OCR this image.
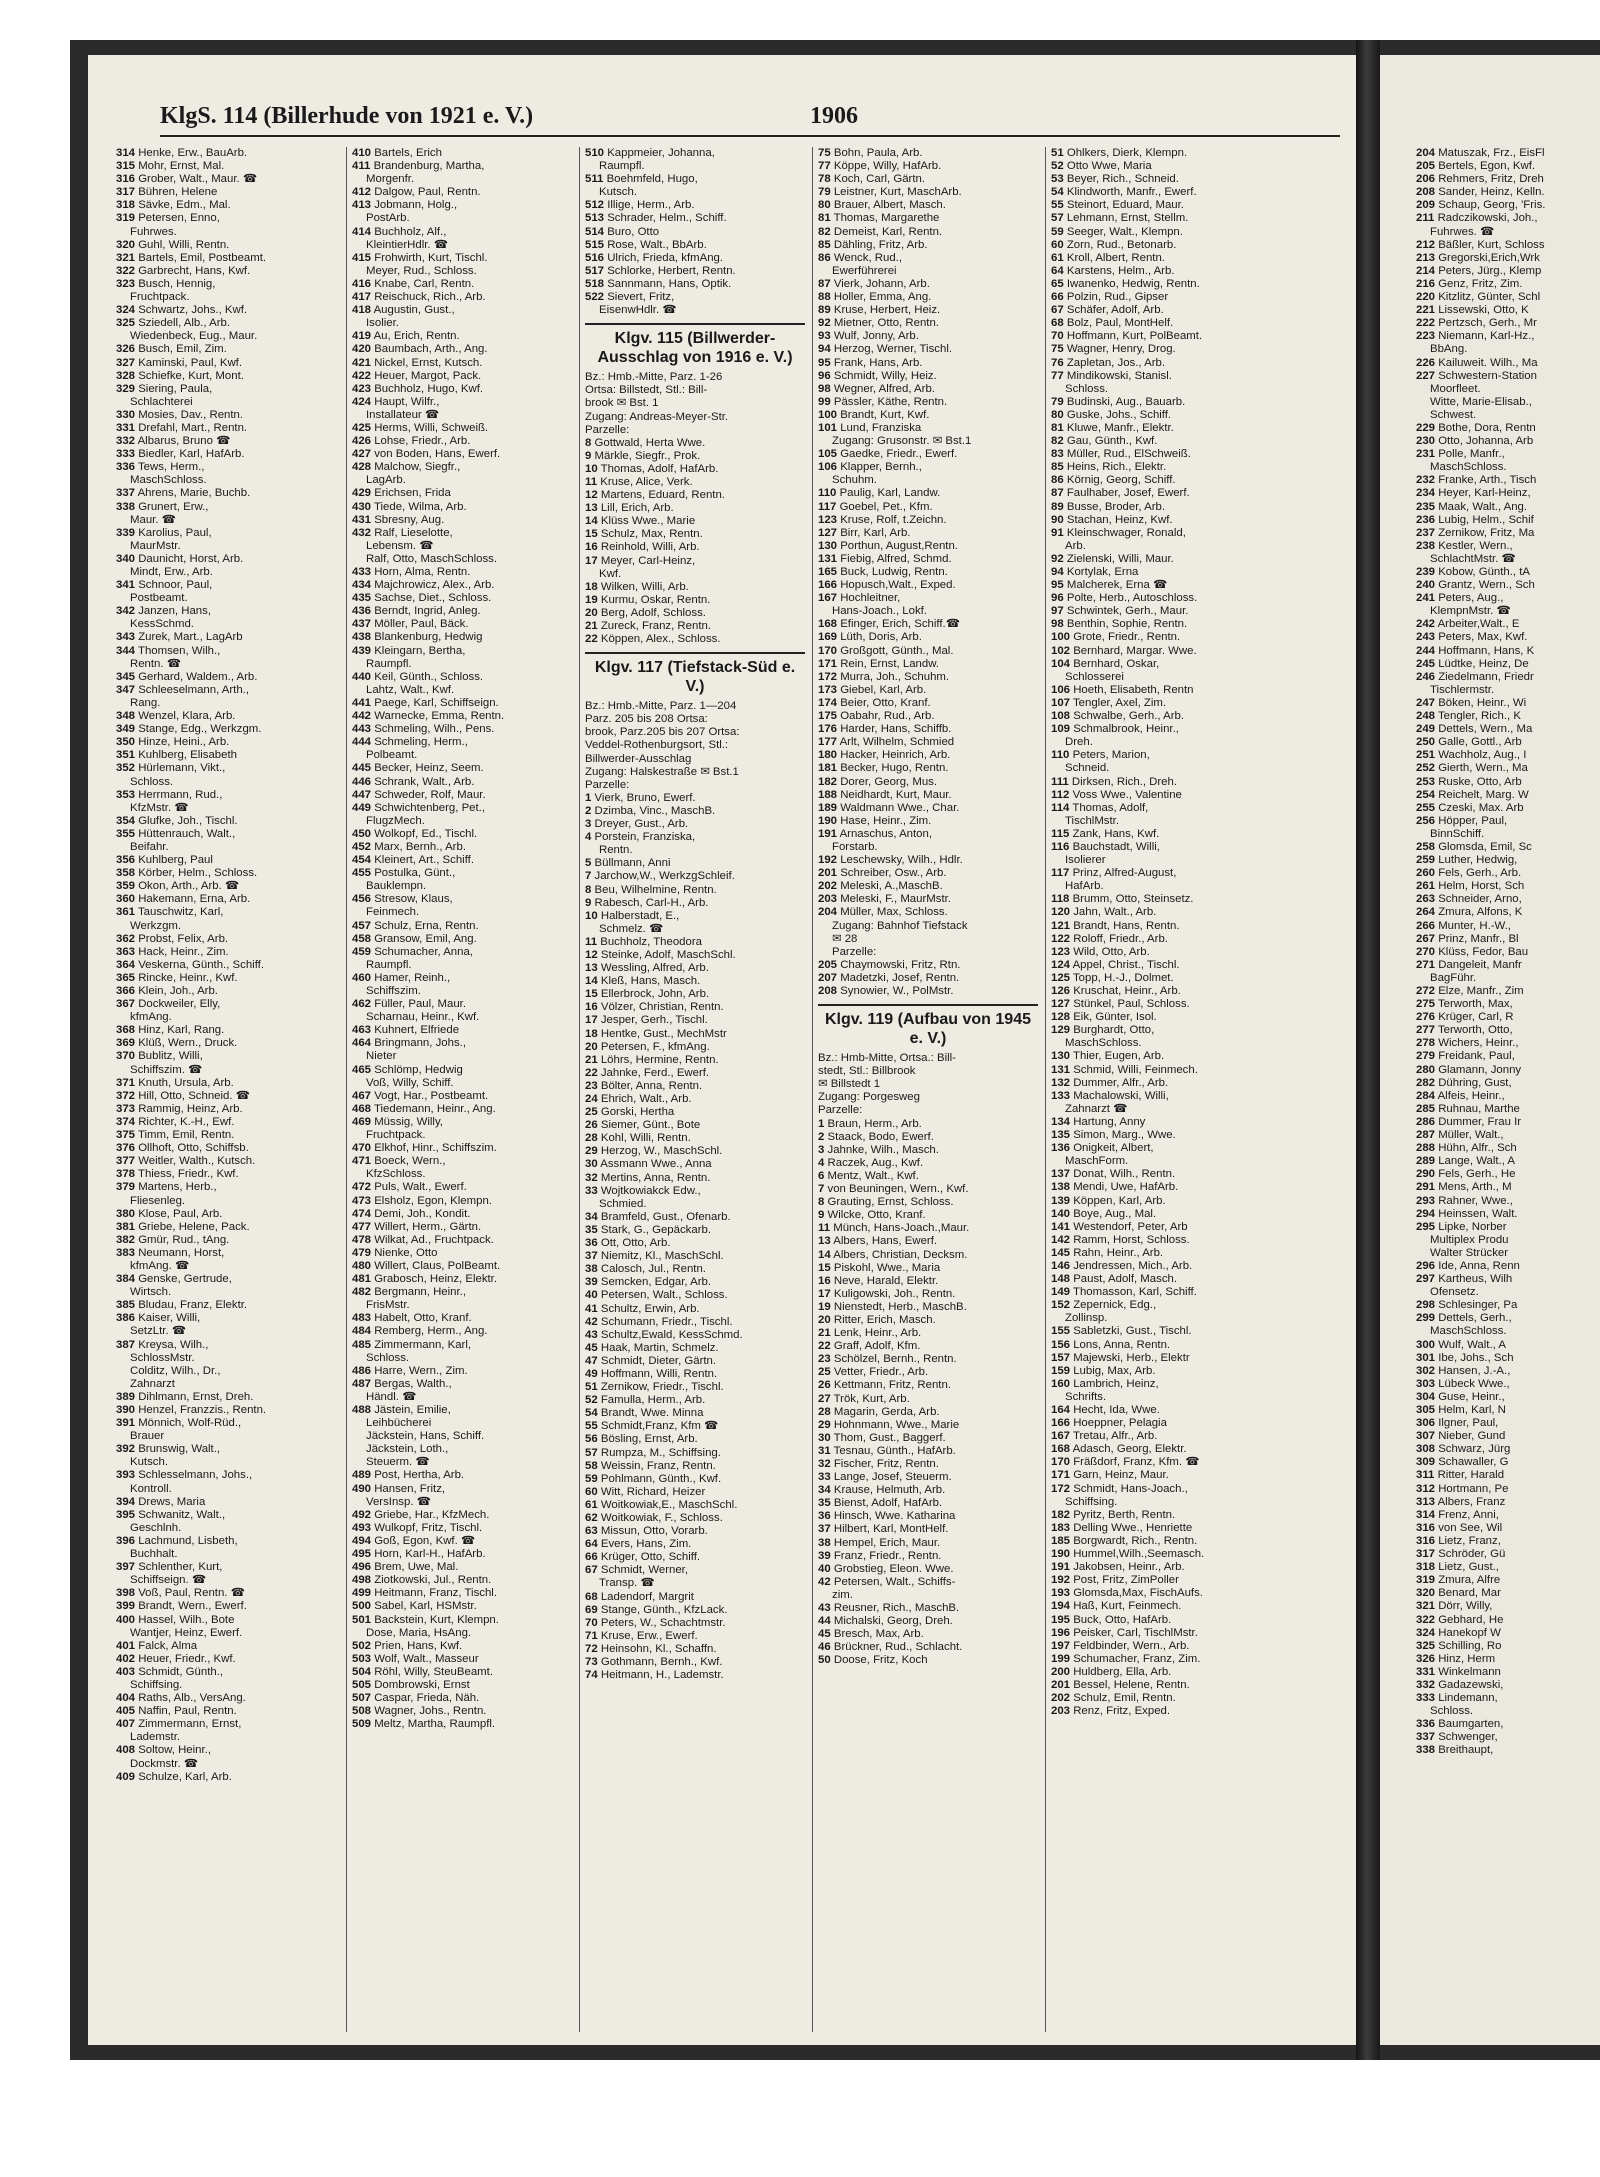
KlgS. 114 (Billerhude von 1921 e. V.)	1906
314 Henke, Erw., BauArb.
315 Mohr, Ernst, Mal.
316 Grober, Walt., Maur. ☎
317 Bühren, Helene
318 Sävke, Edm., Mal.
319 Petersen, Enno,
Fuhrwes.
320 Guhl, Willi, Rentn.
321 Bartels, Emil, Postbeamt.
322 Garbrecht, Hans, Kwf.
323 Busch, Hennig,
Fruchtpack.
324 Schwartz, Johs., Kwf.
325 Sziedell, Alb., Arb.
Wiedenbeck, Eug., Maur.
326 Busch, Emil, Zim.
327 Kaminski, Paul, Kwf.
328 Schiefke, Kurt, Mont.
329 Siering, Paula,
Schlachterei
330 Mosies, Dav., Rentn.
331 Drefahl, Mart., Rentn.
332 Albarus, Bruno ☎
333 Biedler, Karl, HafArb.
336 Tews, Herm.,
MaschSchloss.
337 Ahrens, Marie, Buchb.
338 Grunert, Erw.,
Maur. ☎
339 Karolius, Paul,
MaurMstr.
340 Daunicht, Horst, Arb.
Mindt, Erw., Arb.
341 Schnoor, Paul,
Postbeamt.
342 Janzen, Hans,
KessSchmd.
343 Zurek, Mart., LagArb
344 Thomsen, Wilh.,
Rentn. ☎
345 Gerhard, Waldem., Arb.
347 Schleeselmann, Arth.,
Rang.
348 Wenzel, Klara, Arb.
349 Stange, Edg., Werkzgm.
350 Hinze, Heini., Arb.
351 Kuhlberg, Elisabeth
352 Hürlemann, Vikt.,
Schloss.
353 Herrmann, Rud.,
KfzMstr. ☎
354 Glufke, Joh., Tischl.
355 Hüttenrauch, Walt.,
Beifahr.
356 Kuhlberg, Paul
358 Körber, Helm., Schloss.
359 Okon, Arth., Arb. ☎
360 Hakemann, Erna, Arb.
361 Tauschwitz, Karl,
Werkzgm.
362 Probst, Felix, Arb.
363 Hack, Heinr., Zim.
364 Veskerna, Günth., Schiff.
365 Rincke, Heinr., Kwf.
366 Klein, Joh., Arb.
367 Dockweiler, Elly,
kfmAng.
368 Hinz, Karl, Rang.
369 Klüß, Wern., Druck.
370 Bublitz, Willi,
Schiffszim. ☎
371 Knuth, Ursula, Arb.
372 Hill, Otto, Schneid. ☎
373 Rammig, Heinz, Arb.
374 Richter, K.-H., Ewf.
375 Timm, Emil, Rentn.
376 Ollhoft, Otto, Schiffsb.
377 Weitler, Walth., Kutsch.
378 Thiess, Friedr., Kwf.
379 Martens, Herb.,
Fliesenleg.
380 Klose, Paul, Arb.
381 Griebe, Helene, Pack.
382 Gmür, Rud., tAng.
383 Neumann, Horst,
kfmAng. ☎
384 Genske, Gertrude,
Wirtsch.
385 Bludau, Franz, Elektr.
386 Kaiser, Willi,
SetzLtr. ☎
387 Kreysa, Wilh.,
SchlossMstr.
Colditz, Wilh., Dr.,
Zahnarzt
389 Dihlmann, Ernst, Dreh.
390 Henzel, Franzzis., Rentn.
391 Mönnich, Wolf-Rüd.,
Brauer
392 Brunswig, Walt.,
Kutsch.
393 Schlesselmann, Johs.,
Kontroll.
394 Drews, Maria
395 Schwanitz, Walt.,
Geschlnh.
396 Lachmund, Lisbeth,
Buchhalt.
397 Schlenther, Kurt,
Schiffseign. ☎
398 Voß, Paul, Rentn. ☎
399 Brandt, Wern., Ewerf.
400 Hassel, Wilh., Bote
Wantjer, Heinz, Ewerf.
401 Falck, Alma
402 Heuer, Friedr., Kwf.
403 Schmidt, Günth.,
Schiffsing.
404 Raths, Alb., VersAng.
405 Naffin, Paul, Rentn.
407 Zimmermann, Ernst,
Lademstr.
408 Soltow, Heinr.,
Dockmstr. ☎
409 Schulze, Karl, Arb.
410 Bartels, Erich
411 Brandenburg, Martha,
Morgenfr.
412 Dalgow, Paul, Rentn.
413 Jobmann, Holg.,
PostArb.
414 Buchholz, Alf.,
KleintierHdlr. ☎
415 Frohwirth, Kurt, Tischl.
Meyer, Rud., Schloss.
416 Knabe, Carl, Rentn.
417 Reischuck, Rich., Arb.
418 Augustin, Gust.,
Isolier.
419 Au, Erich, Rentn.
420 Baumbach, Arth., Ang.
421 Nickel, Ernst, Kutsch.
422 Heuer, Margot, Pack.
423 Buchholz, Hugo, Kwf.
424 Haupt, Wilfr.,
Installateur ☎
425 Herms, Willi, Schweiß.
426 Lohse, Friedr., Arb.
427 von Boden, Hans, Ewerf.
428 Malchow, Siegfr.,
LagArb.
429 Erichsen, Frida
430 Tiede, Wilma, Arb.
431 Sbresny, Aug.
432 Ralf, Lieselotte,
Lebensm. ☎
Ralf, Otto, MaschSchloss.
433 Horn, Alma, Rentn.
434 Majchrowicz, Alex., Arb.
435 Sachse, Diet., Schloss.
436 Berndt, Ingrid, Anleg.
437 Möller, Paul, Bäck.
438 Blankenburg, Hedwig
439 Kleingarn, Bertha,
Raumpfl.
440 Keil, Günth., Schloss.
Lahtz, Walt., Kwf.
441 Paege, Karl, Schiffseign.
442 Warnecke, Emma, Rentn.
443 Schmeling, Wilh., Pens.
444 Schmeling, Herm.,
Polbeamt.
445 Becker, Heinz, Seem.
446 Schrank, Walt., Arb.
447 Schweder, Rolf, Maur.
449 Schwichtenberg, Pet.,
FlugzMech.
450 Wolkopf, Ed., Tischl.
452 Marx, Bernh., Arb.
454 Kleinert, Art., Schiff.
455 Postulka, Günt.,
Bauklempn.
456 Stresow, Klaus,
Feinmech.
457 Schulz, Erna, Rentn.
458 Gransow, Emil, Ang.
459 Schumacher, Anna,
Raumpfl.
460 Hamer, Reinh.,
Schiffszim.
462 Füller, Paul, Maur.
Scharnau, Heinr., Kwf.
463 Kuhnert, Elfriede
464 Bringmann, Johs.,
Nieter
465 Schlömp, Hedwig
Voß, Willy, Schiff.
467 Vogt, Har., Postbeamt.
468 Tiedemann, Heinr., Ang.
469 Müssig, Willy,
Fruchtpack.
470 Elkhof, Hinr., Schiffszim.
471 Boeck, Wern.,
KfzSchloss.
472 Puls, Walt., Ewerf.
473 Elsholz, Egon, Klempn.
474 Demi, Joh., Kondit.
477 Willert, Herm., Gärtn.
478 Wilkat, Ad., Fruchtpack.
479 Nienke, Otto
480 Willert, Claus, PolBeamt.
481 Grabosch, Heinz, Elektr.
482 Bergmann, Heinr.,
FrisMstr.
483 Habelt, Otto, Kranf.
484 Remberg, Herm., Ang.
485 Zimmermann, Karl,
Schloss.
486 Harre, Wern., Zim.
487 Bergas, Walth.,
Händl. ☎
488 Jästein, Emilie,
Leihbücherei
Jäckstein, Hans, Schiff.
Jäckstein, Loth.,
Steuerm. ☎
489 Post, Hertha, Arb.
490 Hansen, Fritz,
VersInsp. ☎
492 Griebe, Har., KfzMech.
493 Wulkopf, Fritz, Tischl.
494 Goß, Egon, Kwf. ☎
495 Horn, Karl-H., HafArb.
496 Brem, Uwe, Mal.
498 Ziotkowski, Jul., Rentn.
499 Heitmann, Franz, Tischl.
500 Sabel, Karl, HSMstr.
501 Backstein, Kurt, Klempn.
Dose, Maria, HsAng.
502 Prien, Hans, Kwf.
503 Wolf, Walt., Masseur
504 Röhl, Willy, SteuBeamt.
505 Dombrowski, Ernst
507 Caspar, Frieda, Näh.
508 Wagner, Johs., Rentn.
509 Meltz, Martha, Raumpfl.
510 Kappmeier, Johanna,
Raumpfl.
511 Boehmfeld, Hugo,
Kutsch.
512 Illige, Herm., Arb.
513 Schrader, Helm., Schiff.
514 Buro, Otto
515 Rose, Walt., BbArb.
516 Ulrich, Frieda, kfmAng.
517 Schlorke, Herbert, Rentn.
518 Sannmann, Hans, Optik.
522 Sievert, Fritz,
EisenwHdlr. ☎
Klgv. 115 (Billwerder-Ausschlag von 1916 e. V.)
Bz.: Hmb.-Mitte, Parz. 1-26
Ortsa: Billstedt, Stl.: Bill-
brook ✉ Bst. 1
Zugang: Andreas-Meyer-Str.
Parzelle:
8 Gottwald, Herta Wwe.
9 Märkle, Siegfr., Prok.
10 Thomas, Adolf, HafArb.
11 Kruse, Alice, Verk.
12 Martens, Eduard, Rentn.
13 Lill, Erich, Arb.
14 Klüss Wwe., Marie
15 Schulz, Max, Rentn.
16 Reinhold, Willi, Arb.
17 Meyer, Carl-Heinz,
Kwf.
18 Wilken, Willi, Arb.
19 Kurmu, Oskar, Rentn.
20 Berg, Adolf, Schloss.
21 Zureck, Franz, Rentn.
22 Köppen, Alex., Schloss.
Klgv. 117 (Tiefstack-Süd e. V.)
Bz.: Hmb.-Mitte, Parz. 1—204
Parz. 205 bis 208 Ortsa:
brook, Parz.205 bis 207 Ortsa:
Veddel-Rothenburgsort, Stl.:
Billwerder-Ausschlag
Zugang: Halskestraße ✉ Bst.1
Parzelle:
1 Vierk, Bruno, Ewerf.
2 Dzimba, Vinc., MaschB.
3 Dreyer, Gust., Arb.
4 Porstein, Franziska,
Rentn.
5 Büllmann, Anni
7 Jarchow,W., WerkzgSchleif.
8 Beu, Wilhelmine, Rentn.
9 Rabesch, Carl-H., Arb.
10 Halberstadt, E.,
Schmelz. ☎
11 Buchholz, Theodora
12 Steinke, Adolf, MaschSchl.
13 Wessling, Alfred, Arb.
14 Kleß, Hans, Masch.
15 Ellerbrock, John, Arb.
16 Völzer, Christian, Rentn.
17 Jesper, Gerh., Tischl.
18 Hentke, Gust., MechMstr
20 Petersen, F., kfmAng.
21 Löhrs, Hermine, Rentn.
22 Jahnke, Ferd., Ewerf.
23 Bölter, Anna, Rentn.
24 Ehrich, Walt., Arb.
25 Gorski, Hertha
26 Siemer, Günt., Bote
28 Kohl, Willi, Rentn.
29 Herzog, W., MaschSchl.
30 Assmann Wwe., Anna
32 Mertins, Anna, Rentn.
33 Wojtkowiakck Edw.,
Schmied.
34 Bramfeld, Gust., Ofenarb.
35 Stark, G., Gepäckarb.
36 Ott, Otto, Arb.
37 Niemitz, Kl., MaschSchl.
38 Calosch, Jul., Rentn.
39 Semcken, Edgar, Arb.
40 Petersen, Walt., Schloss.
41 Schultz, Erwin, Arb.
42 Schumann, Friedr., Tischl.
43 Schultz,Ewald, KessSchmd.
45 Haak, Martin, Schmelz.
47 Schmidt, Dieter, Gärtn.
49 Hoffmann, Willi, Rentn.
51 Zernikow, Friedr., Tischl.
52 Famulla, Herm., Arb.
54 Brandt, Wwe. Minna
55 Schmidt,Franz, Kfm ☎
56 Bösling, Ernst, Arb.
57 Rumpza, M., Schiffsing.
58 Weissin, Franz, Rentn.
59 Pohlmann, Günth., Kwf.
60 Witt, Richard, Heizer
61 Woitkowiak,E., MaschSchl.
62 Woitkowiak, F., Schloss.
63 Missun, Otto, Vorarb.
64 Evers, Hans, Zim.
66 Krüger, Otto, Schiff.
67 Schmidt, Werner,
Transp. ☎
68 Ladendorf, Margrit
69 Stange, Günth., KfzLack.
70 Peters, W., Schachtmstr.
71 Kruse, Erw., Ewerf.
72 Heinsohn, Kl., Schaffn.
73 Gothmann, Bernh., Kwf.
74 Heitmann, H., Lademstr.
75 Bohn, Paula, Arb.
77 Köppe, Willy, HafArb.
78 Koch, Carl, Gärtn.
79 Leistner, Kurt, MaschArb.
80 Brauer, Albert, Masch.
81 Thomas, Margarethe
82 Demeist, Karl, Rentn.
85 Dähling, Fritz, Arb.
86 Wenck, Rud.,
Ewerführerei
87 Vierk, Johann, Arb.
88 Holler, Emma, Ang.
89 Kruse, Herbert, Heiz.
92 Mietner, Otto, Rentn.
93 Wulf, Jonny, Arb.
94 Herzog, Werner, Tischl.
95 Frank, Hans, Arb.
96 Schmidt, Willy, Heiz.
98 Wegner, Alfred, Arb.
99 Pässler, Käthe, Rentn.
100 Brandt, Kurt, Kwf.
101 Lund, Franziska
Zugang: Grusonstr. ✉ Bst.1
105 Gaedke, Friedr., Ewerf.
106 Klapper, Bernh.,
Schuhm.
110 Paulig, Karl, Landw.
117 Goebel, Pet., Kfm.
123 Kruse, Rolf, t.Zeichn.
127 Birr, Karl, Arb.
130 Porthun, August,Rentn.
131 Fiebig, Alfred, Schmd.
165 Buck, Ludwig, Rentn.
166 Hopusch,Walt., Exped.
167 Hochleitner,
Hans-Joach., Lokf.
168 Efinger, Erich, Schiff.☎
169 Lüth, Doris, Arb.
170 Großgott, Günth., Mal.
171 Rein, Ernst, Landw.
172 Murra, Joh., Schuhm.
173 Giebel, Karl, Arb.
174 Beier, Otto, Kranf.
175 Oabahr, Rud., Arb.
176 Harder, Hans, Schiffb.
177 Arlt, Wilhelm, Schmied
180 Hacker, Heinrich, Arb.
181 Becker, Hugo, Rentn.
182 Dorer, Georg, Mus.
188 Neidhardt, Kurt, Maur.
189 Waldmann Wwe., Char.
190 Hase, Heinr., Zim.
191 Arnaschus, Anton,
Forstarb.
192 Leschewsky, Wilh., Hdlr.
201 Schreiber, Osw., Arb.
202 Meleski, A.,MaschB.
203 Meleski, F., MaurMstr.
204 Müller, Max, Schloss.
Zugang: Bahnhof Tiefstack
✉ 28
Parzelle:
205 Chaymowski, Fritz, Rtn.
207 Madetzki, Josef, Rentn.
208 Synowier, W., PolMstr.
Klgv. 119 (Aufbau von 1945 e. V.)
Bz.: Hmb-Mitte, Ortsa.: Bill-
stedt, Stl.: Billbrook
✉ Billstedt 1
Zugang: Porgesweg
Parzelle:
1 Braun, Herm., Arb.
2 Staack, Bodo, Ewerf.
3 Jahnke, Wilh., Masch.
4 Raczek, Aug., Kwf.
6 Mentz, Walt., Kwf.
7 von Beuningen, Wern., Kwf.
8 Grauting, Ernst, Schloss.
9 Wilcke, Otto, Kranf.
11 Münch, Hans-Joach.,Maur.
13 Albers, Hans, Ewerf.
14 Albers, Christian, Decksm.
15 Piskohl, Wwe., Maria
16 Neve, Harald, Elektr.
17 Kuligowski, Joh., Rentn.
19 Nienstedt, Herb., MaschB.
20 Ritter, Erich, Masch.
21 Lenk, Heinr., Arb.
22 Graff, Adolf, Kfm.
23 Schölzel, Bernh., Rentn.
25 Vetter, Friedr., Arb.
26 Kettmann, Fritz, Rentn.
27 Trök, Kurt, Arb.
28 Magarin, Gerda, Arb.
29 Hohnmann, Wwe., Marie
30 Thom, Gust., Baggerf.
31 Tesnau, Günth., HafArb.
32 Fischer, Fritz, Rentn.
33 Lange, Josef, Steuerm.
34 Krause, Helmuth, Arb.
35 Bienst, Adolf, HafArb.
36 Hinsch, Wwe. Katharina
37 Hilbert, Karl, MontHelf.
38 Hempel, Erich, Maur.
39 Franz, Friedr., Rentn.
40 Grobstieg, Eleon. Wwe.
42 Petersen, Walt., Schiffs-
zim.
43 Reusner, Rich., MaschB.
44 Michalski, Georg, Dreh.
45 Bresch, Max, Arb.
46 Brückner, Rud., Schlacht.
50 Doose, Fritz, Koch
51 Ohlkers, Dierk, Klempn.
52 Otto Wwe, Maria
53 Beyer, Rich., Schneid.
54 Klindworth, Manfr., Ewerf.
55 Steinort, Eduard, Maur.
57 Lehmann, Ernst, Stellm.
59 Seeger, Walt., Klempn.
60 Zorn, Rud., Betonarb.
61 Kroll, Albert, Rentn.
64 Karstens, Helm., Arb.
65 Iwanenko, Hedwig, Rentn.
66 Polzin, Rud., Gipser
67 Schäfer, Adolf, Arb.
68 Bolz, Paul, MontHelf.
70 Hoffmann, Kurt, PolBeamt.
75 Wagner, Henry, Drog.
76 Zapletan, Jos., Arb.
77 Mindikowski, Stanisl.
Schloss.
79 Budinski, Aug., Bauarb.
80 Guske, Johs., Schiff.
81 Kluwe, Manfr., Elektr.
82 Gau, Günth., Kwf.
83 Müller, Rud., ElSchweiß.
85 Heins, Rich., Elektr.
86 Körnig, Georg, Schiff.
87 Faulhaber, Josef, Ewerf.
89 Busse, Broder, Arb.
90 Stachan, Heinz, Kwf.
91 Kleinschwager, Ronald,
Arb.
92 Zielenski, Willi, Maur.
94 Kortylak, Erna
95 Malcherek, Erna ☎
96 Polte, Herb., Autoschloss.
97 Schwintek, Gerh., Maur.
98 Benthin, Sophie, Rentn.
100 Grote, Friedr., Rentn.
102 Bernhard, Margar. Wwe.
104 Bernhard, Oskar,
Schlosserei
106 Hoeth, Elisabeth, Rentn
107 Tengler, Axel, Zim.
108 Schwalbe, Gerh., Arb.
109 Schmalbrook, Heinr.,
Dreh.
110 Peters, Marion,
Schneid.
111 Dirksen, Rich., Dreh.
112 Voss Wwe., Valentine
114 Thomas, Adolf,
TischlMstr.
115 Zank, Hans, Kwf.
116 Bauchstadt, Willi,
Isolierer
117 Prinz, Alfred-August,
HafArb.
118 Brumm, Otto, Steinsetz.
120 Jahn, Walt., Arb.
121 Brandt, Hans, Rentn.
122 Roloff, Friedr., Arb.
123 Wild, Otto, Arb.
124 Appel, Christ., Tischl.
125 Topp, H.-J., Dolmet.
126 Kruschat, Heinr., Arb.
127 Stünkel, Paul, Schloss.
128 Eik, Günter, Isol.
129 Burghardt, Otto,
MaschSchloss.
130 Thier, Eugen, Arb.
131 Schmid, Willi, Feinmech.
132 Dummer, Alfr., Arb.
133 Machalowski, Willi,
Zahnarzt ☎
134 Hartung, Anny
135 Simon, Marg., Wwe.
136 Onigkeit, Albert,
MaschForm.
137 Donat, Wilh., Rentn.
138 Mendi, Uwe, HafArb.
139 Köppen, Karl, Arb.
140 Boye, Aug., Mal.
141 Westendorf, Peter, Arb
142 Ramm, Horst, Schloss.
145 Rahn, Heinr., Arb.
146 Jendressen, Mich., Arb.
148 Paust, Adolf, Masch.
149 Thomasson, Karl, Schiff.
152 Zepernick, Edg.,
Zollinsp.
155 Sabletzki, Gust., Tischl.
156 Lons, Anna, Rentn.
157 Majewski, Herb., Elektr
159 Lubig, Max, Arb.
160 Lambrich, Heinz,
Schrifts.
164 Hecht, Ida, Wwe.
166 Hoeppner, Pelagia
167 Tretau, Alfr., Arb.
168 Adasch, Georg, Elektr.
170 Fräßdorf, Franz, Kfm. ☎
171 Garn, Heinz, Maur.
172 Schmidt, Hans-Joach.,
Schiffsing.
182 Pyritz, Berth, Rentn.
183 Delling Wwe., Henriette
185 Borgwardt, Rich., Rentn.
190 Hummel,Wilh.,Seemasch.
191 Jakobsen, Heinr., Arb.
192 Post, Fritz, ZimPoller
193 Glomsda,Max, FischAufs.
194 Haß, Kurt, Feinmech.
195 Buck, Otto, HafArb.
196 Peisker, Carl, TischlMstr.
197 Feldbinder, Wern., Arb.
199 Schumacher, Franz, Zim.
200 Huldberg, Ella, Arb.
201 Bessel, Helene, Rentn.
202 Schulz, Emil, Rentn.
203 Renz, Fritz, Exped.
204 Matuszak, Frz., EisFl
205 Bertels, Egon, Kwf.
206 Rehmers, Fritz, Dreh
208 Sander, Heinz, Kelln.
209 Schaup, Georg, 'Fris.
211 Radczikowski, Joh.,
Fuhrwes. ☎
212 Bäßler, Kurt, Schloss
213 Gregorski,Erich,Wrk
214 Peters, Jürg., Klemp
216 Genz, Fritz, Zim.
220 Kitzlitz, Günter, Schl
221 Lissewski, Otto, K
222 Pertzsch, Gerh., Mr
223 Niemann, Karl-Hz.,
BbAng.
226 Kailuweit. Wilh., Ma
227 Schwestern-Station
Moorfleet.
Witte, Marie-Elisab.,
Schwest.
229 Bothe, Dora, Rentn
230 Otto, Johanna, Arb
231 Polle, Manfr.,
MaschSchloss.
232 Franke, Arth., Tisch
234 Heyer, Karl-Heinz,
235 Maak, Walt., Ang.
236 Lubig, Helm., Schif
237 Zernikow, Fritz, Ma
238 Kestler, Wern.,
SchlachtMstr. ☎
239 Kobow, Günth., tA
240 Grantz, Wern., Sch
241 Peters, Aug.,
KlempnMstr. ☎
242 Arbeiter,Walt., E
243 Peters, Max, Kwf.
244 Hoffmann, Hans, K
245 Lüdtke, Heinz, De
246 Ziedelmann, Friedr
Tischlermstr.
247 Böken, Heinr., Wi
248 Tengler, Rich., K
249 Dettels, Wern., Ma
250 Galle, Gottl., Arb
251 Wachholz, Aug., I
252 Gierth, Wern., Ma
253 Ruske, Otto, Arb
254 Reichelt, Marg. W
255 Czeski, Max. Arb
256 Höpper, Paul,
BinnSchiff.
258 Glomsda, Emil, Sc
259 Luther, Hedwig,
260 Fels, Gerh., Arb.
261 Helm, Horst, Sch
263 Schneider, Arno,
264 Zmura, Alfons, K
266 Munter, H.-W.,
267 Prinz, Manfr., Bl
270 Klüss, Fedor, Bau
271 Dangeleit, Manfr
BagFühr.
272 Elze, Manfr., Zim
275 Terworth, Max,
276 Krüger, Carl, R
277 Terworth, Otto,
278 Wichers, Heinr.,
279 Freidank, Paul,
280 Glamann, Jonny
282 Dühring, Gust,
284 Alfeis, Heinr.,
285 Ruhnau, Marthe
286 Dummer, Frau Ir
287 Müller, Walt.,
288 Hühn, Alfr., Sch
289 Lange, Walt., A
290 Fels, Gerh., He
291 Mens, Arth., M
293 Rahner, Wwe.,
294 Heinssen, Walt.
295 Lipke, Norber
Multiplex Produ
Walter Strücker
296 Ide, Anna, Renn
297 Kartheus, Wilh
Ofensetz.
298 Schlesinger, Pa
299 Dettels, Gerh.,
MaschSchloss.
300 Wulf, Walt., A
301 Ibe, Johs., Sch
302 Hansen, J.-A.,
303 Lübeck Wwe.,
304 Guse, Heinr.,
305 Helm, Karl, N
306 Ilgner, Paul,
307 Nieber, Gund
308 Schwarz, Jürg
309 Schawaller, G
311 Ritter, Harald
312 Hortmann, Pe
313 Albers, Franz
314 Frenz, Anni,
316 von See, Wil
316 Lietz, Franz,
317 Schröder, Gü
318 Lietz, Gust.,
319 Zmura, Alfre
320 Benard, Mar
321 Dörr, Willy,
322 Gebhard, He
324 Hanekopf W
325 Schilling, Ro
326 Hinz, Herm
331 Winkelmann
332 Gadazewski,
333 Lindemann,
Schloss.
336 Baumgarten,
337 Schwenger,
338 Breithaupt,
